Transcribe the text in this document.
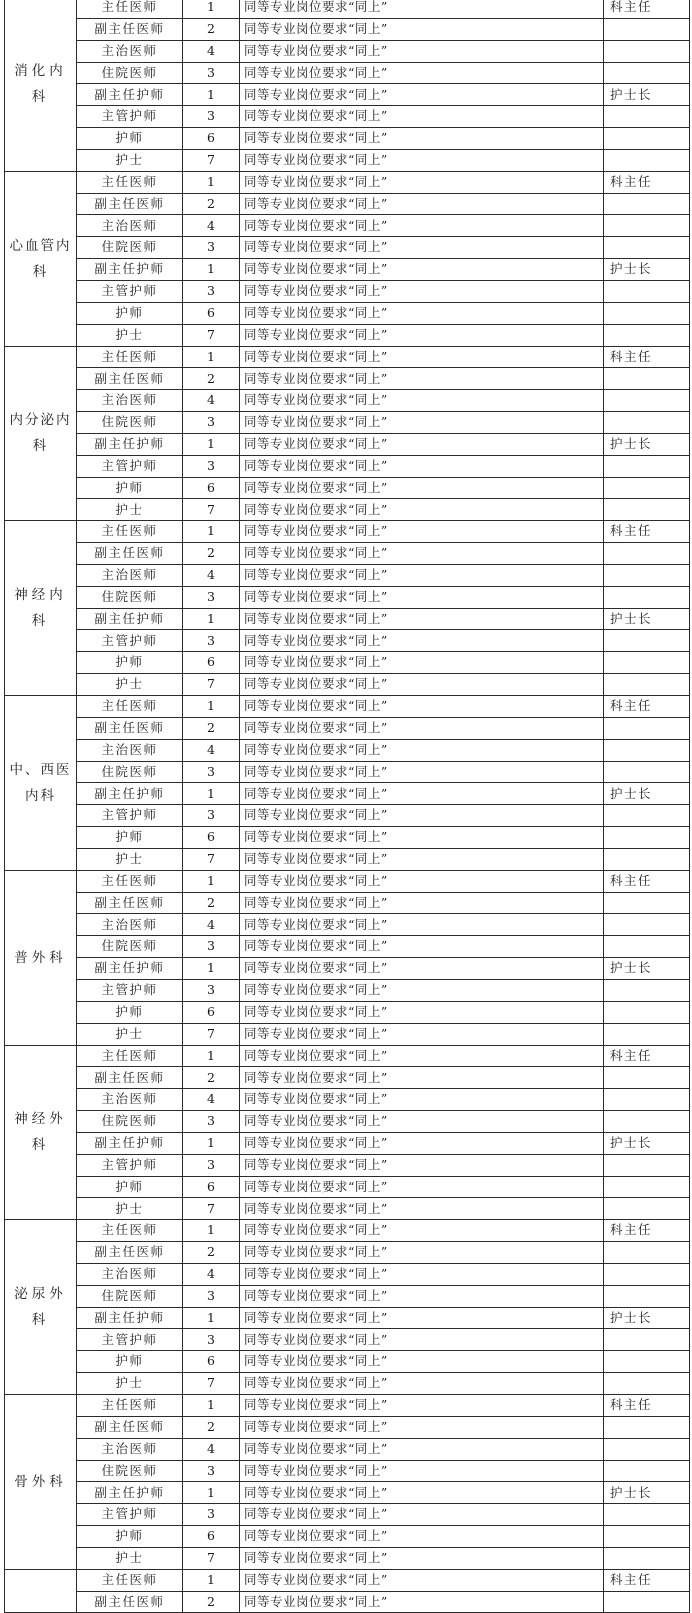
消化内科	主任医师	1	同等专业岗位要求“同上”	科主任
	副主任医师	2	同等专业岗位要求“同上”	
	主治医师	4	同等专业岗位要求“同上”	
	住院医师	3	同等专业岗位要求“同上”	
	副主任护师	1	同等专业岗位要求“同上”	护士长
	主管护师	3	同等专业岗位要求“同上”	
	护师	6	同等专业岗位要求“同上”	
	护士	7	同等专业岗位要求“同上”	
心血管内科	主任医师	1	同等专业岗位要求“同上”	科主任
	副主任医师	2	同等专业岗位要求“同上”	
	主治医师	4	同等专业岗位要求“同上”	
	住院医师	3	同等专业岗位要求“同上”	
	副主任护师	1	同等专业岗位要求“同上”	护士长
	主管护师	3	同等专业岗位要求“同上”	
	护师	6	同等专业岗位要求“同上”	
	护士	7	同等专业岗位要求“同上”	
内分泌内科	主任医师	1	同等专业岗位要求“同上”	科主任
	副主任医师	2	同等专业岗位要求“同上”	
	主治医师	4	同等专业岗位要求“同上”	
	住院医师	3	同等专业岗位要求“同上”	
	副主任护师	1	同等专业岗位要求“同上”	护士长
	主管护师	3	同等专业岗位要求“同上”	
	护师	6	同等专业岗位要求“同上”	
	护士	7	同等专业岗位要求“同上”	
神经内科	主任医师	1	同等专业岗位要求“同上”	科主任
	副主任医师	2	同等专业岗位要求“同上”	
	主治医师	4	同等专业岗位要求“同上”	
	住院医师	3	同等专业岗位要求“同上”	
	副主任护师	1	同等专业岗位要求“同上”	护士长
	主管护师	3	同等专业岗位要求“同上”	
	护师	6	同等专业岗位要求“同上”	
	护士	7	同等专业岗位要求“同上”	
中、西医内科	主任医师	1	同等专业岗位要求“同上”	科主任
	副主任医师	2	同等专业岗位要求“同上”	
	主治医师	4	同等专业岗位要求“同上”	
	住院医师	3	同等专业岗位要求“同上”	
	副主任护师	1	同等专业岗位要求“同上”	护士长
	主管护师	3	同等专业岗位要求“同上”	
	护师	6	同等专业岗位要求“同上”	
	护士	7	同等专业岗位要求“同上”	
普外科	主任医师	1	同等专业岗位要求“同上”	科主任
	副主任医师	2	同等专业岗位要求“同上”	
	主治医师	4	同等专业岗位要求“同上”	
	住院医师	3	同等专业岗位要求“同上”	
	副主任护师	1	同等专业岗位要求“同上”	护士长
	主管护师	3	同等专业岗位要求“同上”	
	护师	6	同等专业岗位要求“同上”	
	护士	7	同等专业岗位要求“同上”	
神经外科	主任医师	1	同等专业岗位要求“同上”	科主任
	副主任医师	2	同等专业岗位要求“同上”	
	主治医师	4	同等专业岗位要求“同上”	
	住院医师	3	同等专业岗位要求“同上”	
	副主任护师	1	同等专业岗位要求“同上”	护士长
	主管护师	3	同等专业岗位要求“同上”	
	护师	6	同等专业岗位要求“同上”	
	护士	7	同等专业岗位要求“同上”	
泌尿外科	主任医师	1	同等专业岗位要求“同上”	科主任
	副主任医师	2	同等专业岗位要求“同上”	
	主治医师	4	同等专业岗位要求“同上”	
	住院医师	3	同等专业岗位要求“同上”	
	副主任护师	1	同等专业岗位要求“同上”	护士长
	主管护师	3	同等专业岗位要求“同上”	
	护师	6	同等专业岗位要求“同上”	
	护士	7	同等专业岗位要求“同上”	
骨外科	主任医师	1	同等专业岗位要求“同上”	科主任
	副主任医师	2	同等专业岗位要求“同上”	
	主治医师	4	同等专业岗位要求“同上”	
	住院医师	3	同等专业岗位要求“同上”	
	副主任护师	1	同等专业岗位要求“同上”	护士长
	主管护师	3	同等专业岗位要求“同上”	
	护师	6	同等专业岗位要求“同上”	
	护士	7	同等专业岗位要求“同上”	
	主任医师	1	同等专业岗位要求“同上”	科主任
	副主任医师	2	同等专业岗位要求“同上”	
